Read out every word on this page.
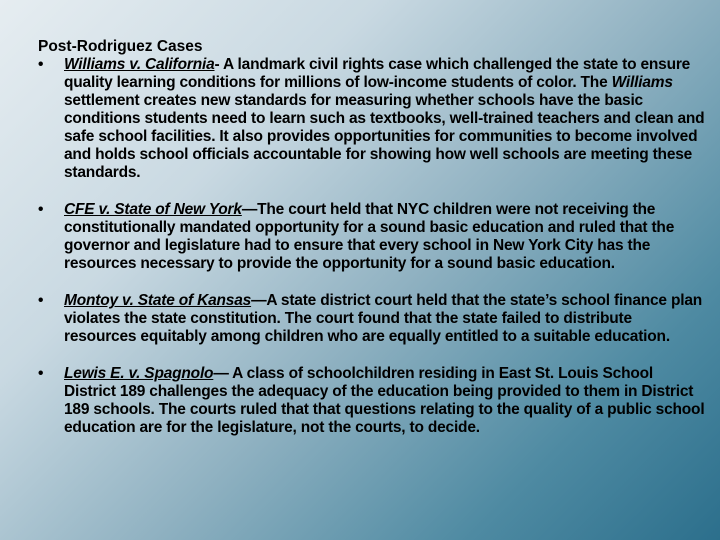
Post-Rodriguez Cases
• Williams v. California- A landmark civil rights case which challenged the state to ensure quality learning conditions for millions of low-income students of color. The Williams settlement creates new standards for measuring whether schools have the basic conditions students need to learn such as textbooks, well-trained teachers and clean and safe school facilities. It also provides opportunities for communities to become involved and holds school officials accountable for showing how well schools are meeting these standards.
• CFE v. State of New York—The court held that NYC children were not receiving the constitutionally mandated opportunity for a sound basic education and ruled that the governor and legislature had to ensure that every school in New York City has the resources necessary to provide the opportunity for a sound basic education.
• Montoy v. State of Kansas—A state district court held that the state’s school finance plan violates the state constitution. The court found that the state failed to distribute resources equitably among children who are equally entitled to a suitable education.
• Lewis E. v. Spagnolo— A class of schoolchildren residing in East St. Louis School District 189 challenges the adequacy of the education being provided to them in District 189 schools. The courts ruled that that questions relating to the quality of a public school education are for the legislature, not the courts, to decide.
